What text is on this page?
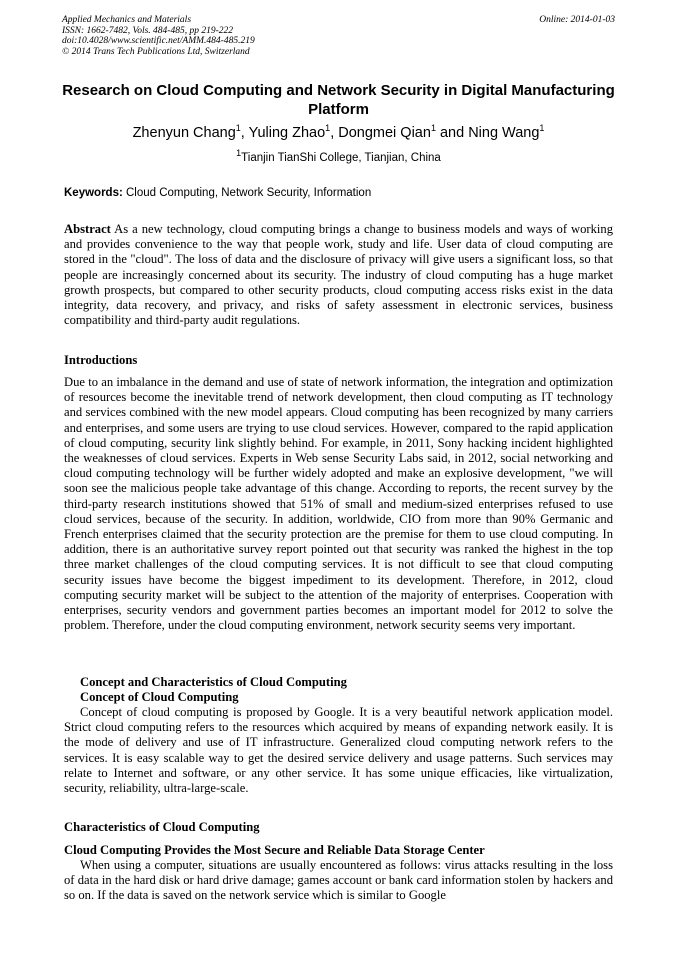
Applied Mechanics and Materials
ISSN: 1662-7482, Vols. 484-485, pp 219-222
doi:10.4028/www.scientific.net/AMM.484-485.219
© 2014 Trans Tech Publications Ltd, Switzerland
Online: 2014-01-03
Research on Cloud Computing and Network Security in Digital Manufacturing Platform
Zhenyun Chang$^1$, Yuling Zhao$^1$, Dongmei Qian$^1$ and Ning Wang$^1$
$^1$Tianjin TianShi College, Tianjian, China
Keywords: Cloud Computing, Network Security, Information

Abstract As a new technology, cloud computing brings a change to business models and ways of working and provides convenience to the way that people work, study and life. User data of cloud computing are stored in the "cloud". The loss of data and the disclosure of privacy will give users a significant loss, so that people are increasingly concerned about its security. The industry of cloud computing has a huge market growth prospects, but compared to other security products, cloud computing access risks exist in the data integrity, data recovery, and privacy, and risks of safety assessment in electronic services, business compatibility and third-party audit regulations.

Introductions

Due to an imbalance in the demand and use of state of network information, the integration and optimization of resources become the inevitable trend of network development, then cloud computing as IT technology and services combined with the new model appears. Cloud computing has been recognized by many carriers and enterprises, and some users are trying to use cloud services. However, compared to the rapid application of cloud computing, security link slightly behind. For example, in 2011, Sony hacking incident highlighted the weaknesses of cloud services. Experts in Web sense Security Labs said, in 2012, social networking and cloud computing technology will be further widely adopted and make an explosive development, "we will soon see the malicious people take advantage of this change. According to reports, the recent survey by the third-party research institutions showed that 51% of small and medium-sized enterprises refused to use cloud services, because of the security. In addition, worldwide, CIO from more than 90% Germanic and French enterprises claimed that the security protection are the premise for them to use cloud computing. In addition, there is an authoritative survey report pointed out that security was ranked the highest in the top three market challenges of the cloud computing services. It is not difficult to see that cloud computing security issues have become the biggest impediment to its development. Therefore, in 2012, cloud computing security market will be subject to the attention of the majority of enterprises. Cooperation with enterprises, security vendors and government parties becomes an important model for 2012 to solve the problem. Therefore, under the cloud computing environment, network security seems very important.

Concept and Characteristics of Cloud Computing
Concept of Cloud Computing

Concept of cloud computing is proposed by Google. It is a very beautiful network application model. Strict cloud computing refers to the resources which acquired by means of expanding network easily. It is the mode of delivery and use of IT infrastructure. Generalized cloud computing network refers to the services. It is easy scalable way to get the desired service delivery and usage patterns. Such services may relate to Internet and software, or any other service. It has some unique efficacies, like virtualization, security, reliability, ultra-large-scale.

Characteristics of Cloud Computing
Cloud Computing Provides the Most Secure and Reliable Data Storage Center

When using a computer, situations are usually encountered as follows: virus attacks resulting in the loss of data in the hard disk or hard drive damage; games account or bank card information stolen by hackers and so on. If the data is saved on the network service which is similar to Google
